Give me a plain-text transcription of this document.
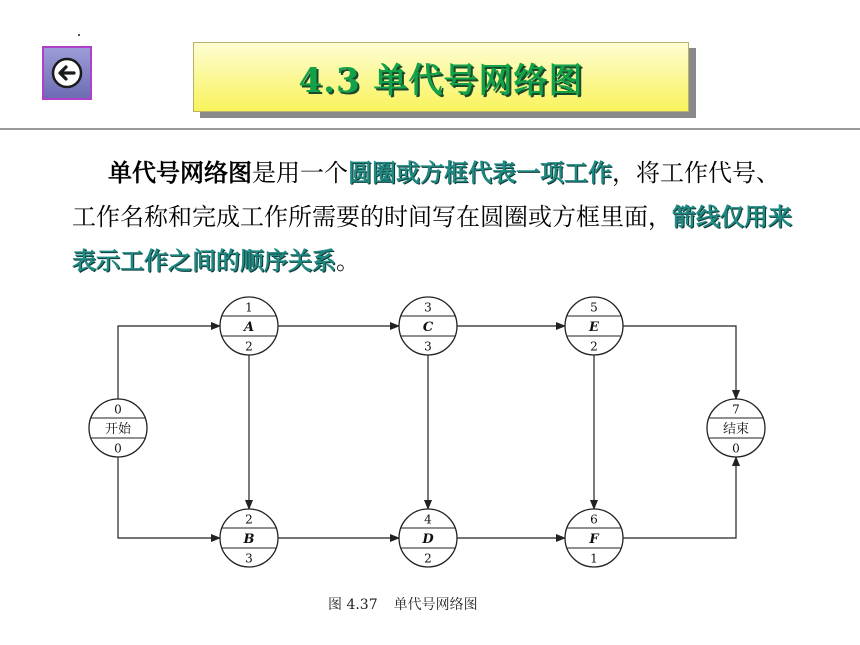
4.3 单代号网络图

  单代号网络图是用一个圆圈或方框代表一项工作，将工作代号、工作名称和完成工作所需要的时间写在圆圈或方框里面，箭线仅用来表示工作之间的顺序关系。

0
开始
0
1
A
2
2
B
3
3
C
3
4
D
2
5
E
2
6
F
1
7
结束
0
图 4.37 单代号网络图
